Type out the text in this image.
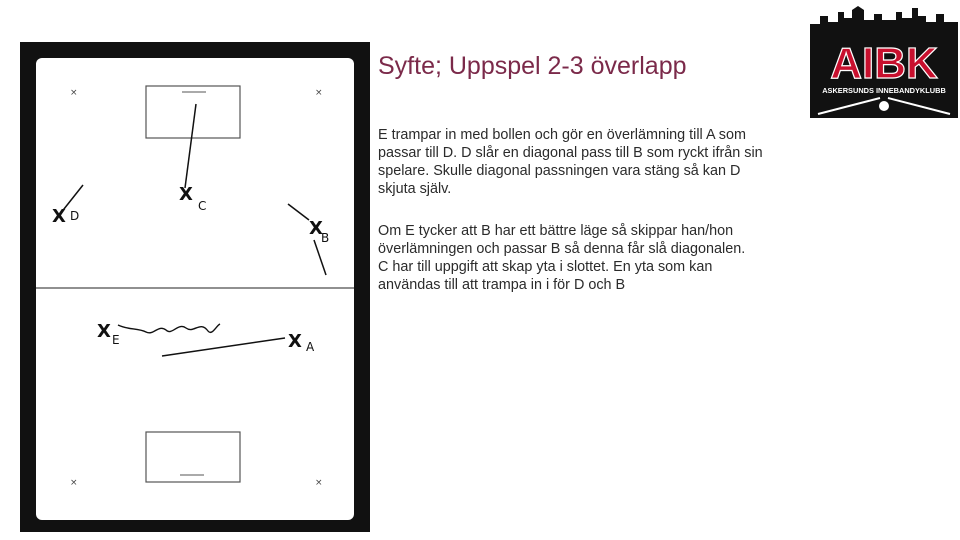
×	×
×	×
X
C
X D
X
B
X E	X A
Syfte; Uppspel 2-3 överlapp
E trampar in med bollen och gör en överlämning till A som passar till D. D slår en diagonal pass till B som ryckt ifrån sin spelare. Skulle diagonal passningen vara stäng så kan D skjuta själv.
Om E tycker att B har ett bättre läge så skippar han/hon överlämningen och passar B så denna får slå diagonalen.
C har till uppgift att skap yta i slottet. En yta som kan användas till att trampa in i för D och B
AIBK
ASKERSUNDS INNEBANDYKLUBB
